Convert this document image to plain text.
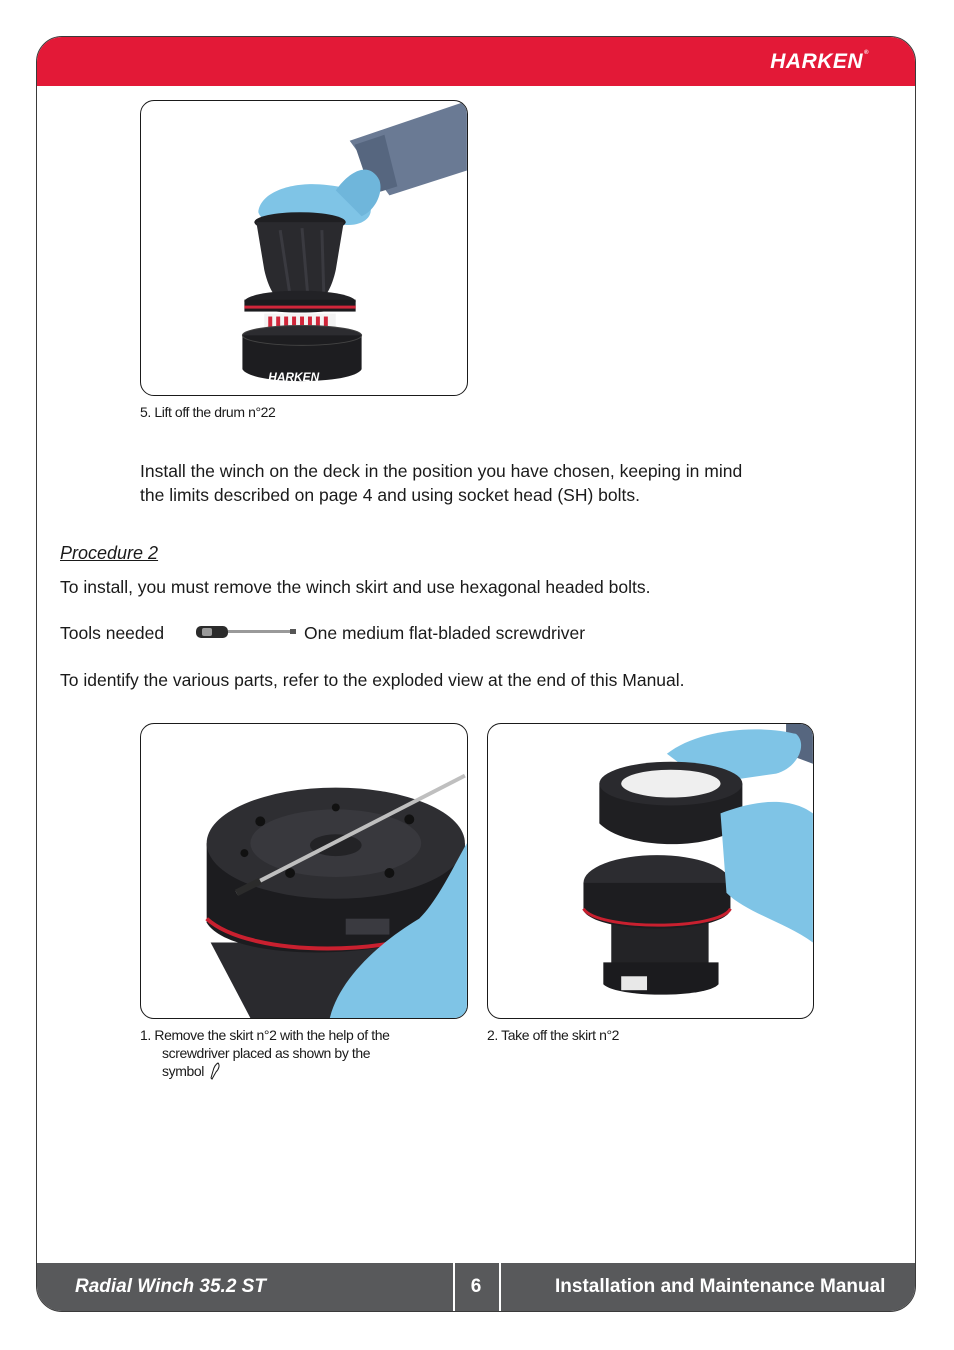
HARKEN®
Radial Winch 35.2 ST	6	Installation and Maintenance Manual
HARKEN
5. Lift off the drum n°22
Install the winch on the deck in the position you have chosen, keeping in mind
the limits described on page 4 and using socket head (SH) bolts.
Procedure 2
To install, you must remove the winch skirt and use hexagonal headed bolts.
Tools needed	One medium flat-bladed screwdriver
To identify the various parts, refer to the exploded view at the end of this Manual.
1. Remove the skirt n°2 with the help of the
screwdriver placed as shown by the
symbol
2. Take off the skirt n°2
